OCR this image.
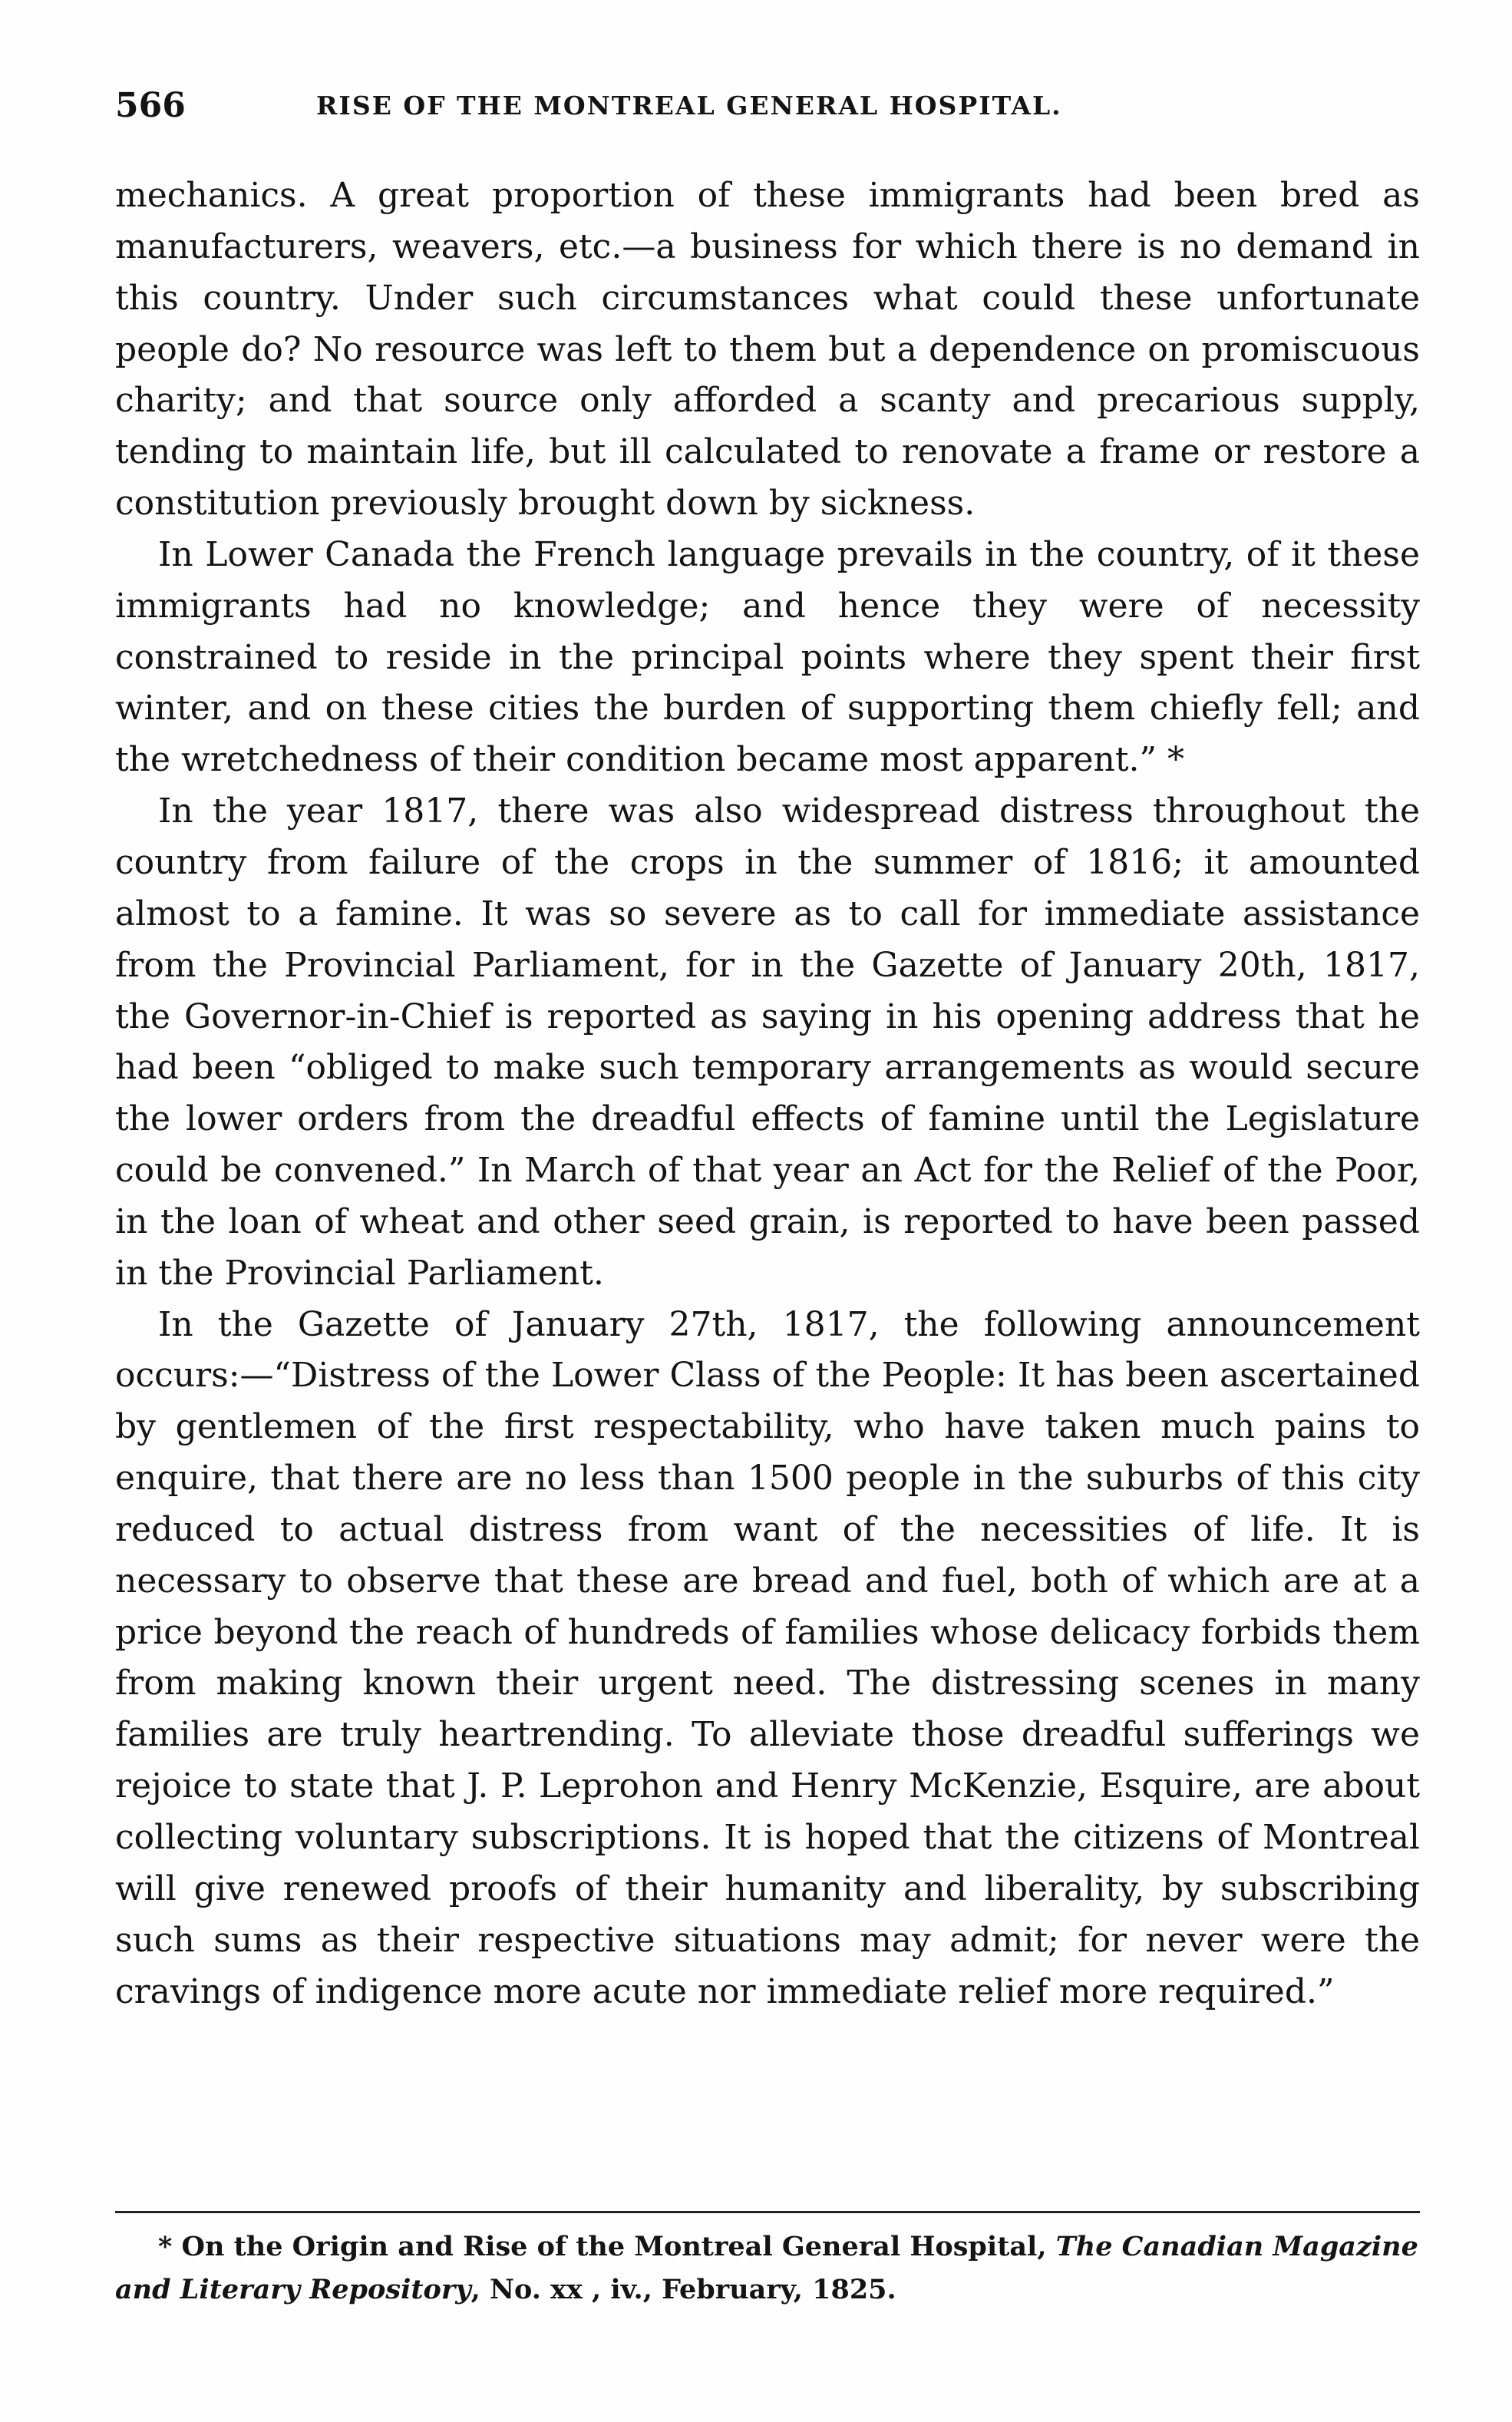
566	RISE OF THE MONTREAL GENERAL HOSPITAL.

mechanics. A great proportion of these immigrants had been bred as manufacturers, weavers, etc.—a business for which there is no demand in this country. Under such circumstances what could these unfortunate people do? No resource was left to them but a dependence on promiscuous charity; and that source only afforded a scanty and precarious supply, tending to maintain life, but ill calculated to renovate a frame or restore a constitution previously brought down by sickness.

In Lower Canada the French language prevails in the country, of it these immigrants had no knowledge; and hence they were of necessity constrained to reside in the principal points where they spent their first winter, and on these cities the burden of supporting them chiefly fell; and the wretchedness of their condition became most apparent.” *

In the year 1817, there was also widespread distress throughout the country from failure of the crops in the summer of 1816; it amounted almost to a famine. It was so severe as to call for immediate assistance from the Provincial Parliament, for in the Gazette of January 20th, 1817, the Governor-in-Chief is reported as saying in his opening address that he had been “obliged to make such temporary arrangements as would secure the lower orders from the dreadful effects of famine until the Legislature could be convened.” In March of that year an Act for the Relief of the Poor, in the loan of wheat and other seed grain, is reported to have been passed in the Provincial Parliament.

In the Gazette of January 27th, 1817, the following announcement occurs:—“Distress of the Lower Class of the People: It has been ascertained by gentlemen of the first respectability, who have taken much pains to enquire, that there are no less than 1500 people in the suburbs of this city reduced to actual distress from want of the necessities of life. It is necessary to observe that these are bread and fuel, both of which are at a price beyond the reach of hundreds of families whose delicacy forbids them from making known their urgent need. The distressing scenes in many families are truly heartrending. To alleviate those dreadful sufferings we rejoice to state that J. P. Leprohon and Henry McKenzie, Esquire, are about collecting voluntary subscriptions. It is hoped that the citizens of Montreal will give renewed proofs of their humanity and liberality, by subscribing such sums as their respective situations may admit; for never were the cravings of indigence more acute nor immediate relief more required.”

* On the Origin and Rise of the Montreal General Hospital, The Canadian Magazine and Literary Repository, No. xx , iv., February, 1825.
